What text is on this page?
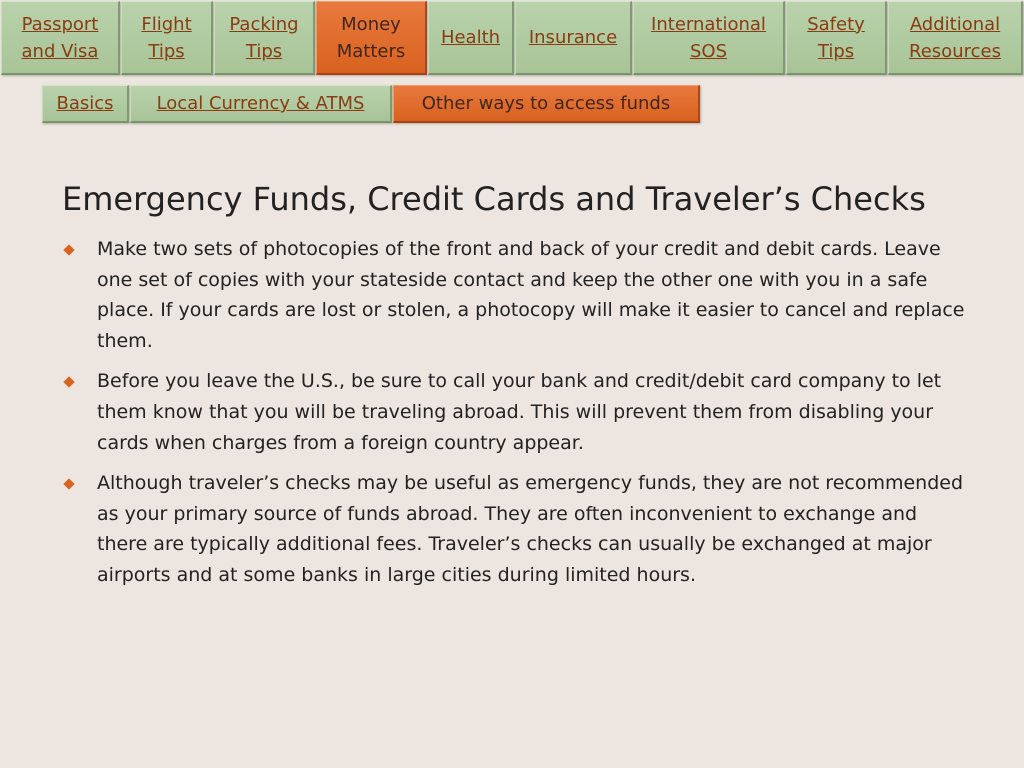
Passport and Visa
Flight Tips
Packing Tips
Money Matters
Health Insurance
International SOS
Safety Tips
Additional Resources
Basics Local Currency & ATMS	Other ways to access funds
Emergency Funds, Credit Cards and Traveler’s Checks
Make two sets of photocopies of the front and back of your credit and debit cards. Leave one set of copies with your stateside contact and keep the other one with you in a safe place. If your cards are lost or stolen, a photocopy will make it easier to cancel and replace them.
Before you leave the U.S., be sure to call your bank and credit/debit card company to let them know that you will be traveling abroad. This will prevent them from disabling your cards when charges from a foreign country appear.
Although traveler’s checks may be useful as emergency funds, they are not recommended as your primary source of funds abroad. They are often inconvenient to exchange and there are typically additional fees. Traveler’s checks can usually be exchanged at major airports and at some banks in large cities during limited hours.
